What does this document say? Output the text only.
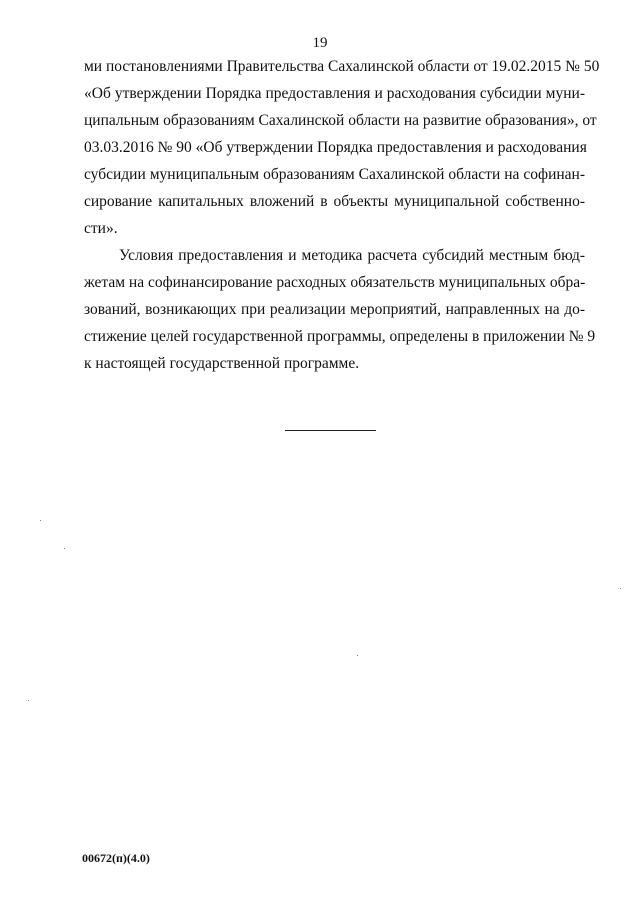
19
ми постановлениями Правительства Сахалинской области от 19.02.2015 № 50
«Об утверждении Порядка предоставления и расходования субсидии муни-
ципальным образованиям Сахалинской области на развитие образования», от
03.03.2016 № 90 «Об утверждении Порядка предоставления и расходования
субсидии муниципальным образованиям Сахалинской области на софинан-
сирование капитальных вложений в объекты муниципальной собственно-
сти».
Условия предоставления и методика расчета субсидий местным бюд-
жетам на софинансирование расходных обязательств муниципальных обра-
зований, возникающих при реализации мероприятий, направленных на до-
стижение целей государственной программы, определены в приложении № 9
к настоящей государственной программе.
00672(п)(4.0)
